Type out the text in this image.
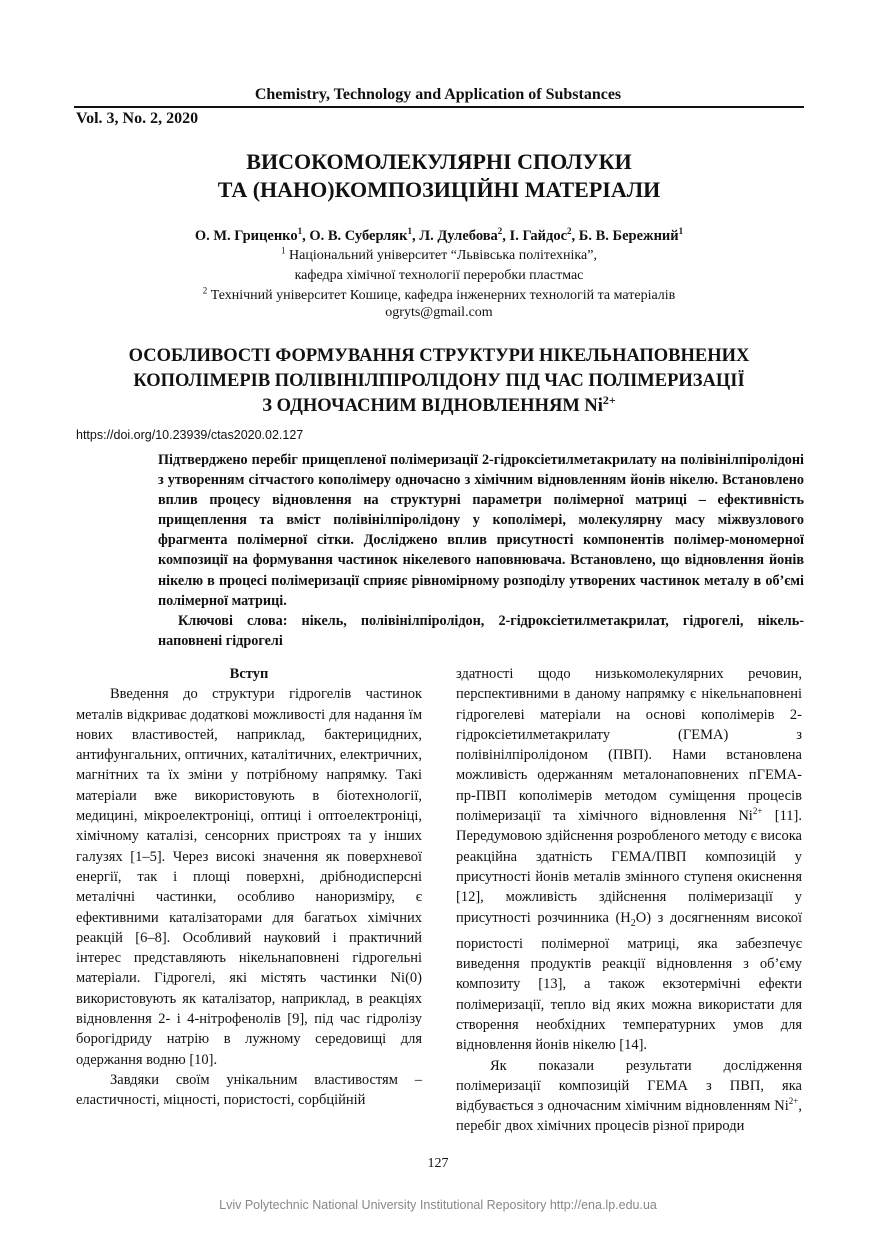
Chemistry, Technology and Application of Substances
Vol. 3, No. 2, 2020
ВИСОКОМОЛЕКУЛЯРНІ СПОЛУКИ
ТА (НАНО)КОМПОЗИЦІЙНІ МАТЕРІАЛИ
О. М. Гриценко$^1$, О. В. Суберляк$^1$, Л. Дулебова$^2$, І. Гайдос$^2$, Б. В. Бережний$^1$
$^1$ Національний університет “Львівська політехніка”,
кафедра хімічної технології переробки пластмас
$^2$ Технічний університет Кошице, кафедра інженерних технологій та матеріалів
ogryts@gmail.com
ОСОБЛИВОСТІ ФОРМУВАННЯ СТРУКТУРИ НІКЕЛЬНАПОВНЕНИХ
КОПОЛІМЕРІВ ПОЛІВІНІЛПІРОЛІДОНУ ПІД ЧАС ПОЛІМЕРИЗАЦІЇ
З ОДНОЧАСНИМ ВІДНОВЛЕННЯМ $Ni^{2+}$
https://doi.org/10.23939/ctas2020.02.127

Підтверджено перебіг прищепленої полімеризації 2-гідроксіетилметакрилату на полівінілпіролідоні з утворенням сітчастого кополімеру одночасно з хімічним відновленням йонів нікелю. Встановлено вплив процесу відновлення на структурні параметри полімерної матриці – ефективність прищеплення та вміст полівінілпіролідону у кополімері, молекулярну масу міжвузлового фрагмента полімерної сітки. Досліджено вплив присутності компонентів полімер-мономерної композиції на формування частинок нікелевого наповнювача. Встановлено, що відновлення йонів нікелю в процесі полімеризації сприяє рівномірному розподілу утворених частинок металу в об’ємі полімерної матриці.

Ключові слова: нікель, полівінілпіролідон, 2-гідроксіетилметакрилат, гідрогелі, нікель-наповнені гідрогелі

Вступ

Введення до структури гідрогелів частинок металів відкриває додаткові можливості для надання їм нових властивостей, наприклад, бактерицидних, антифунгальних, оптичних, каталітичних, електричних, магнітних та їх зміни у потрібному напрямку. Такі матеріали вже використовують в біотехнології, медицині, мікроелектроніці, оптиці і оптоелектроніці, хімічному каталізі, сенсорних пристроях та у інших галузях [1–5]. Через високі значення як поверхневої енергії, так і площі поверхні, дрібнодисперсні металічні частинки, особливо наноризміру, є ефективними каталізаторами для багатьох хімічних реакцій [6–8]. Особливий науковий і практичний інтерес представляють нікельнаповнені гідрогельні матеріали. Гідрогелі, які містять частинки Ni(0) використовують як каталізатор, наприклад, в реакціях відновлення 2- і 4-нітрофенолів [9], під час гідролізу борогідриду натрію в лужному середовищі для одержання водню [10].

Завдяки своїм унікальним властивостям – еластичності, міцності, пористості, сорбційній

здатності щодо низькомолекулярних речовин, перспективними в даному напрямку є нікельнаповнені гідрогелеві матеріали на основі кополімерів 2-гідроксіетилметакрилату (ГЕМА) з полівінілпіролідоном (ПВП). Нами встановлена можливість одержанням металонаповнених пГЕМА-пр-ПВП кополімерів методом суміщення процесів полімеризації та хімічного відновлення $Ni^{2+}$ [11]. Передумовою здійснення розробленого методу є висока реакційна здатність ГЕМА/ПВП композицій у присутності йонів металів змінного ступеня окиснення [12], можливість здійснення полімеризації у присутності розчинника $(H_2O)$ з досягненням високої пористості полімерної матриці, яка забезпечує виведення продуктів реакції відновлення з об’єму композиту [13], а також екзотермічні ефекти полімеризації, тепло від яких можна використати для створення необхідних температурних умов для відновлення йонів нікелю [14].

Як показали результати дослідження полімеризації композицій ГЕМА з ПВП, яка відбувається з одночасним хімічним відновленням $Ni^{2+}$, перебіг двох хімічних процесів різної природи

127
Lviv Polytechnic National University Institutional Repository http://ena.lp.edu.ua
